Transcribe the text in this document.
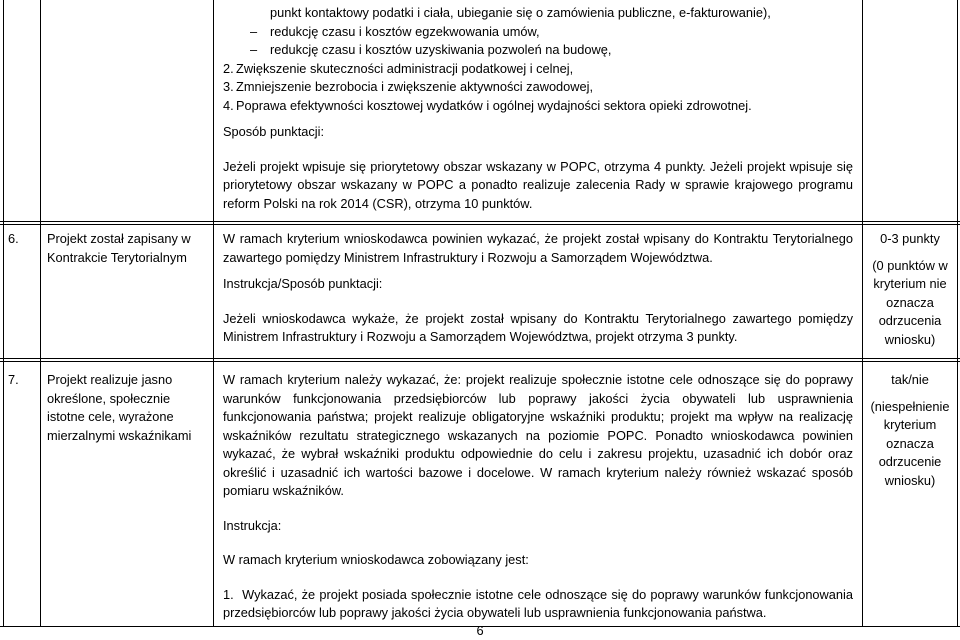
punkt kontaktowy podatki i ciała, ubieganie się o zamówienia publiczne, e-fakturowanie),
– redukcję czasu i kosztów egzekwowania umów,
– redukcję czasu i kosztów uzyskiwania pozwoleń na budowę,
2. Zwiększenie skuteczności administracji podatkowej i celnej,
3. Zmniejszenie bezrobocia i zwiększenie aktywności zawodowej,
4. Poprawa efektywności kosztowej wydatków i ogólnej wydajności sektora opieki zdrowotnej.
Sposób punktacji:
Jeżeli projekt wpisuje się priorytetowy obszar wskazany w POPC, otrzyma 4 punkty. Jeżeli projekt wpisuje się priorytetowy obszar wskazany w POPC a ponadto realizuje zalecenia Rady w sprawie krajowego programu reform Polski na rok 2014 (CSR), otrzyma 10 punktów.
6.	Projekt został zapisany w Kontrakcie Terytorialnym
W ramach kryterium wnioskodawca powinien wykazać, że projekt został wpisany do Kontraktu Terytorialnego zawartego pomiędzy Ministrem Infrastruktury i Rozwoju a Samorządem Województwa.
Instrukcja/Sposób punktacji:
Jeżeli wnioskodawca wykaże, że projekt został wpisany do Kontraktu Terytorialnego zawartego pomiędzy Ministrem Infrastruktury i Rozwoju a Samorządem Województwa, projekt otrzyma 3 punkty.
0-3 punkty
(0 punktów w kryterium nie oznacza odrzucenia wniosku)
7.	Projekt realizuje jasno określone, społecznie istotne cele, wyrażone mierzalnymi wskaźnikami
W ramach kryterium należy wykazać, że: projekt realizuje społecznie istotne cele odnoszące się do poprawy warunków funkcjonowania przedsiębiorców lub poprawy jakości życia obywateli lub usprawnienia funkcjonowania państwa; projekt realizuje obligatoryjne wskaźniki produktu; projekt ma wpływ na realizację wskaźników rezultatu strategicznego wskazanych na poziomie POPC. Ponadto wnioskodawca powinien wykazać, że wybrał wskaźniki produktu odpowiednie do celu i zakresu projektu, uzasadnić ich dobór oraz określić i uzasadnić ich wartości bazowe i docelowe. W ramach kryterium należy również wskazać sposób pomiaru wskaźników.
Instrukcja:
W ramach kryterium wnioskodawca zobowiązany jest:
1. Wykazać, że projekt posiada społecznie istotne cele odnoszące się do poprawy warunków funkcjonowania przedsiębiorców lub poprawy jakości życia obywateli lub usprawnienia funkcjonowania państwa.
tak/nie
(niespełnienie kryterium oznacza odrzucenie wniosku)
6
